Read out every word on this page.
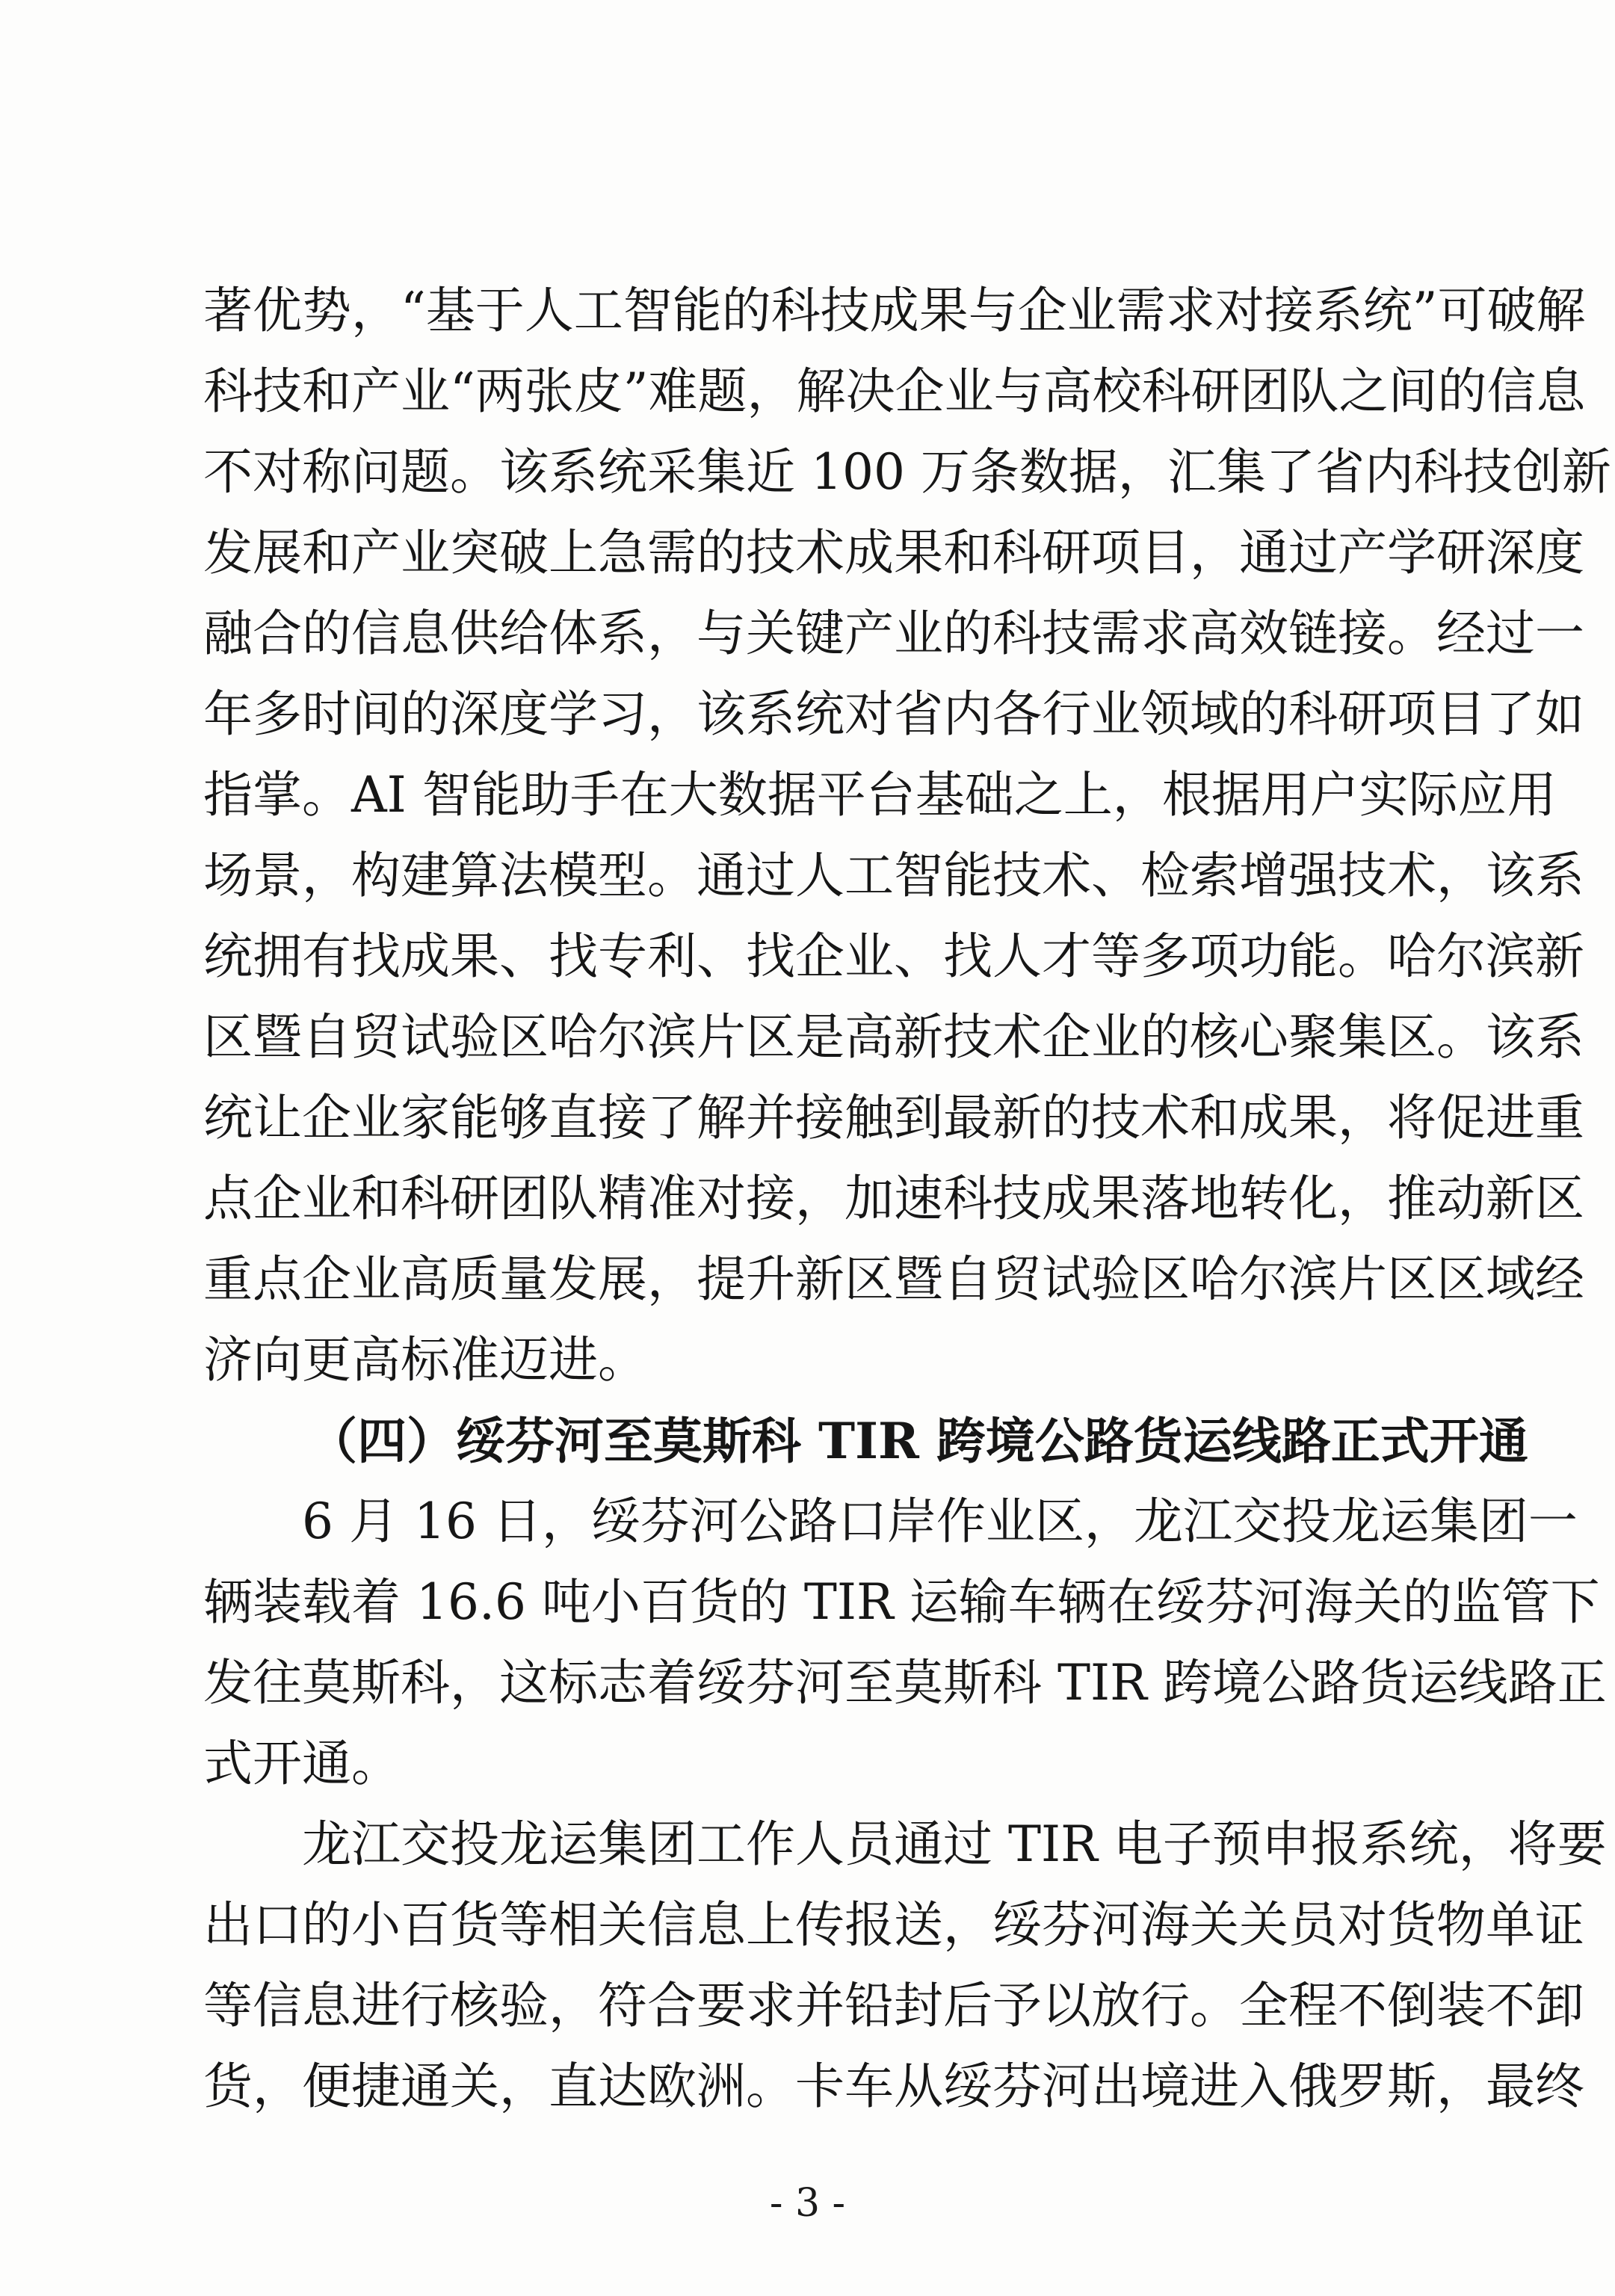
著优势，“基于人工智能的科技成果与企业需求对接系统”可破解
科技和产业“两张皮”难题，解决企业与高校科研团队之间的信息
不对称问题。该系统采集近 100 万条数据，汇集了省内科技创新
发展和产业突破上急需的技术成果和科研项目，通过产学研深度
融合的信息供给体系，与关键产业的科技需求高效链接。经过一
年多时间的深度学习，该系统对省内各行业领域的科研项目了如
指掌。AI 智能助手在大数据平台基础之上，根据用户实际应用
场景，构建算法模型。通过人工智能技术、检索增强技术，该系
统拥有找成果、找专利、找企业、找人才等多项功能。哈尔滨新
区暨自贸试验区哈尔滨片区是高新技术企业的核心聚集区。该系
统让企业家能够直接了解并接触到最新的技术和成果，将促进重
点企业和科研团队精准对接，加速科技成果落地转化，推动新区
重点企业高质量发展，提升新区暨自贸试验区哈尔滨片区区域经
济向更高标准迈进。
（四）绥芬河至莫斯科 TIR 跨境公路货运线路正式开通
6 月 16 日，绥芬河公路口岸作业区，龙江交投龙运集团一
辆装载着 16.6 吨小百货的 TIR 运输车辆在绥芬河海关的监管下
发往莫斯科，这标志着绥芬河至莫斯科 TIR 跨境公路货运线路正
式开通。
龙江交投龙运集团工作人员通过 TIR 电子预申报系统，将要
出口的小百货等相关信息上传报送，绥芬河海关关员对货物单证
等信息进行核验，符合要求并铅封后予以放行。全程不倒装不卸
货，便捷通关，直达欧洲。卡车从绥芬河出境进入俄罗斯，最终
- 3 -
